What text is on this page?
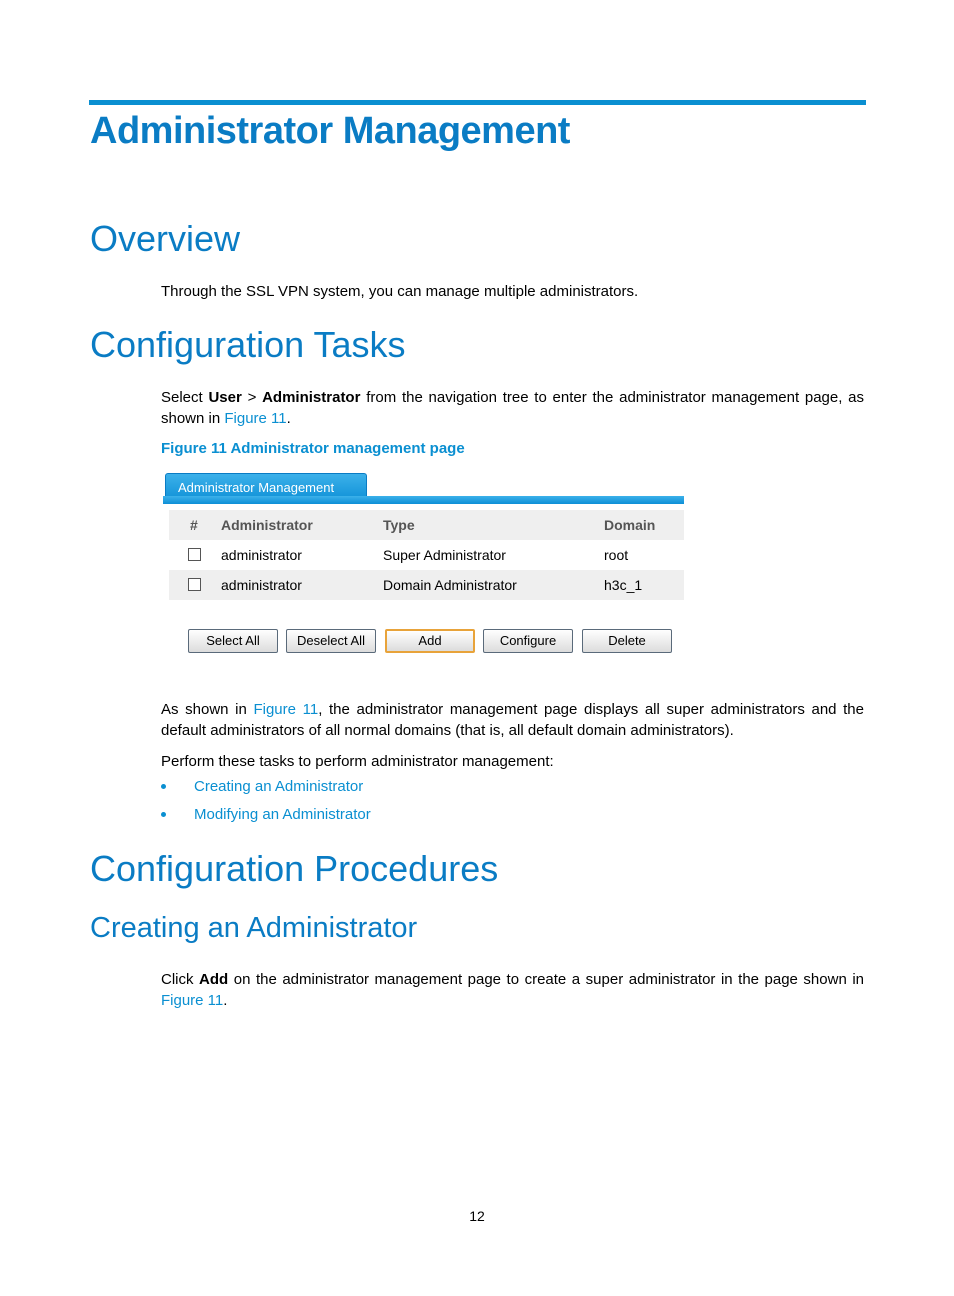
Administrator Management
Overview
Through the SSL VPN system, you can manage multiple administrators.
Configuration Tasks
Select User > Administrator from the navigation tree to enter the administrator management page, as shown in Figure 11.
Figure 11 Administrator management page
Administrator Management
# Administrator	Type	Domain
administrator	Super Administrator	root
administrator	Domain Administrator	h3c_1
Select All	Deselect All	Add	Configure	Delete
As shown in Figure 11, the administrator management page displays all super administrators and the default administrators of all normal domains (that is, all default domain administrators).
Perform these tasks to perform administrator management:
Creating an Administrator
Modifying an Administrator
Configuration Procedures
Creating an Administrator
Click Add on the administrator management page to create a super administrator in the page shown in Figure 11.
12
